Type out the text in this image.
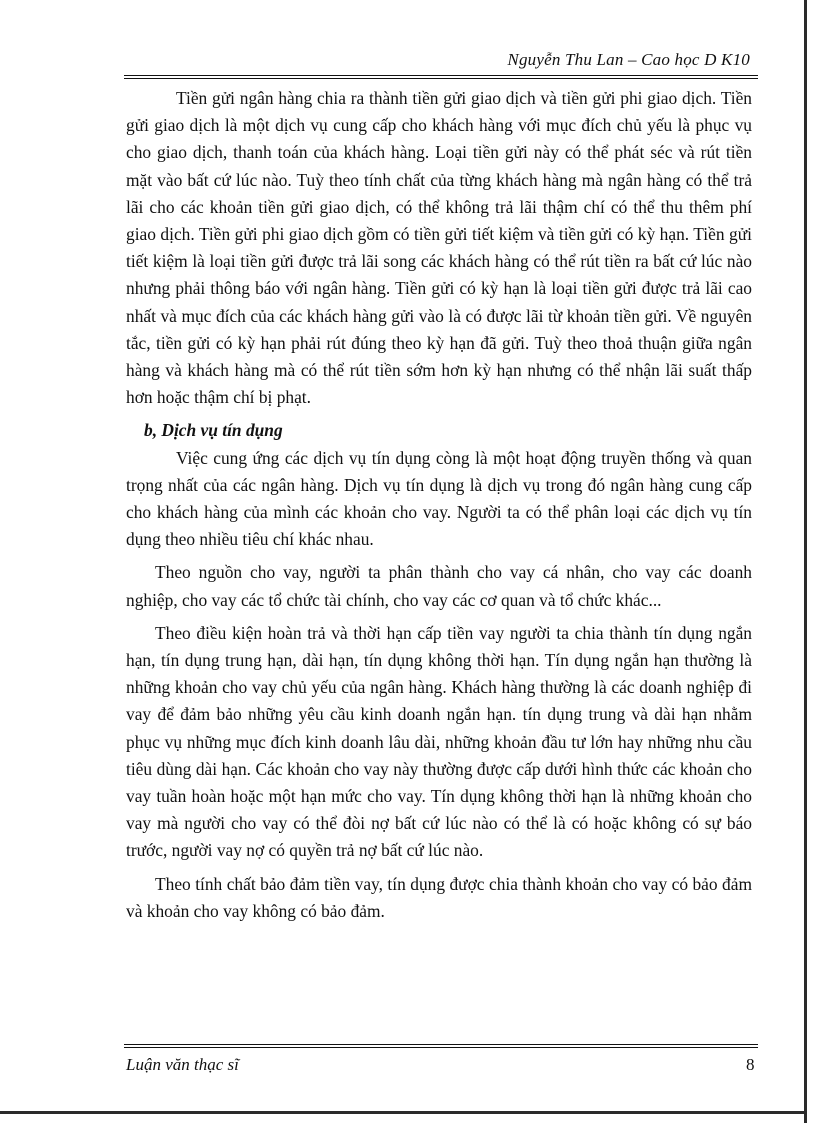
Nguyễn Thu Lan – Cao học D K10

Tiền gửi ngân hàng chia ra thành tiền gửi giao dịch và tiền gửi phi giao dịch. Tiền gửi giao dịch là một dịch vụ cung cấp cho khách hàng với mục đích chủ yếu là phục vụ cho giao dịch, thanh toán của khách hàng. Loại tiền gửi này có thể phát séc và rút tiền mặt vào bất cứ lúc nào. Tuỳ theo tính chất của từng khách hàng mà ngân hàng có thể trả lãi cho các khoản tiền gửi giao dịch, có thể không trả lãi thậm chí có thể thu thêm phí giao dịch. Tiền gửi phi giao dịch gồm có tiền gửi tiết kiệm và tiền gửi có kỳ hạn. Tiền gửi tiết kiệm là loại tiền gửi được trả lãi song các khách hàng có thể rút tiền ra bất cứ lúc nào nhưng phải thông báo với ngân hàng. Tiền gửi có kỳ hạn là loại tiền gửi được trả lãi cao nhất và mục đích của các khách hàng gửi vào là có được lãi từ khoản tiền gửi. Về nguyên tắc, tiền gửi có kỳ hạn phải rút đúng theo kỳ hạn đã gửi. Tuỳ theo thoả thuận giữa ngân hàng và khách hàng mà có thể rút tiền sớm hơn kỳ hạn nhưng có thể nhận lãi suất thấp hơn hoặc thậm chí bị phạt.

b, Dịch vụ tín dụng

Việc cung ứng các dịch vụ tín dụng còng là một hoạt động truyền thống và quan trọng nhất của các ngân hàng. Dịch vụ tín dụng là dịch vụ trong đó ngân hàng cung cấp cho khách hàng của mình các khoản cho vay. Người ta có thể phân loại các dịch vụ tín dụng theo nhiều tiêu chí khác nhau.

Theo nguồn cho vay, người ta phân thành cho vay cá nhân, cho vay các doanh nghiệp, cho vay các tổ chức tài chính, cho vay các cơ quan và tổ chức khác...

Theo điều kiện hoàn trả và thời hạn cấp tiền vay người ta chia thành tín dụng ngắn hạn, tín dụng trung hạn, dài hạn, tín dụng không thời hạn. Tín dụng ngắn hạn thường là những khoản cho vay chủ yếu của ngân hàng. Khách hàng thường là các doanh nghiệp đi vay để đảm bảo những yêu cầu kinh doanh ngắn hạn. tín dụng trung và dài hạn nhằm phục vụ những mục đích kinh doanh lâu dài, những khoản đầu tư lớn hay những nhu cầu tiêu dùng dài hạn. Các khoản cho vay này thường được cấp dưới hình thức các khoản cho vay tuần hoàn hoặc một hạn mức cho vay. Tín dụng không thời hạn là những khoản cho vay mà người cho vay có thể đòi nợ bất cứ lúc nào có thể là có hoặc không có sự báo trước, người vay nợ có quyền trả nợ bất cứ lúc nào.

Theo tính chất bảo đảm tiền vay, tín dụng được chia thành khoản cho vay có bảo đảm và khoản cho vay không có bảo đảm.

Luận văn thạc sĩ	8
